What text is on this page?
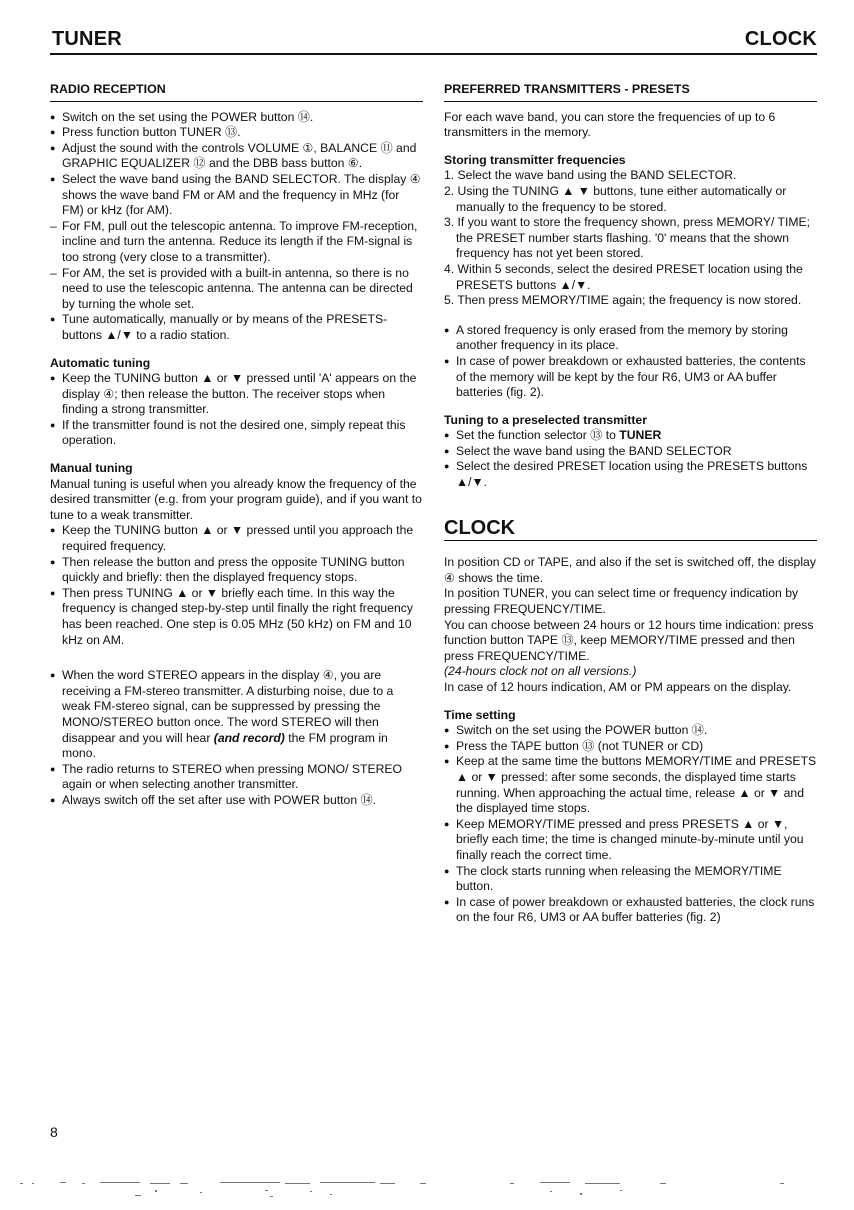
TUNER	CLOCK
RADIO RECEPTION

● Switch on the set using the POWER button ⑭.

● Press function button TUNER ⑬.

● Adjust the sound with the controls VOLUME ①, BALANCE ⑪ and GRAPHIC EQUALIZER ⑫ and the DBB bass button ⑥.

● Select the wave band using the BAND SELECTOR. The display ④ shows the wave band FM or AM and the frequency in MHz (for FM) or kHz (for AM).

– For FM, pull out the telescopic antenna. To improve FM-reception, incline and turn the antenna. Reduce its length if the FM-signal is too strong (very close to a transmitter).

– For AM, the set is provided with a built-in antenna, so there is no need to use the telescopic antenna. The antenna can be directed by turning the whole set.

● Tune automatically, manually or by means of the PRESETS-buttons ▲/▼ to a radio station.

Automatic tuning

● Keep the TUNING button ▲ or ▼ pressed until 'A' appears on the display ④; then release the button. The receiver stops when finding a strong transmitter.

● If the transmitter found is not the desired one, simply repeat this operation.

Manual tuning

Manual tuning is useful when you already know the frequency of the desired transmitter (e.g. from your program guide), and if you want to tune to a weak transmitter.

● Keep the TUNING button ▲ or ▼ pressed until you approach the required frequency.

● Then release the button and press the opposite TUNING button quickly and briefly: then the displayed frequency stops.

● Then press TUNING ▲ or ▼ briefly each time. In this way the frequency is changed step-by-step until finally the right frequency has been reached. One step is 0.05 MHz (50 kHz) on FM and 10 kHz on AM.

● When the word STEREO appears in the display ④, you are receiving a FM-stereo transmitter. A disturbing noise, due to a weak FM-stereo signal, can be suppressed by pressing the MONO/STEREO button once. The word STEREO will then disappear and you will hear (and record) the FM program in mono.

● The radio returns to STEREO when pressing MONO/ STEREO again or when selecting another transmitter.

● Always switch off the set after use with POWER button ⑭.

PREFERRED TRANSMITTERS - PRESETS

For each wave band, you can store the frequencies of up to 6 transmitters in the memory.

Storing transmitter frequencies

1. Select the wave band using the BAND SELECTOR.

2. Using the TUNING ▲ ▼ buttons, tune either automatically or manually to the frequency to be stored.

3. If you want to store the frequency shown, press MEMORY/ TIME; the PRESET number starts flashing. '0' means that the shown frequency has not yet been stored.

4. Within 5 seconds, select the desired PRESET location using the PRESETS buttons ▲/▼.

5. Then press MEMORY/TIME again; the frequency is now stored.

● A stored frequency is only erased from the memory by storing another frequency in its place.

● In case of power breakdown or exhausted batteries, the contents of the memory will be kept by the four R6, UM3 or AA buffer batteries (fig. 2).

Tuning to a preselected transmitter

● Set the function selector ⑬ to TUNER

● Select the wave band using the BAND SELECTOR

● Select the desired PRESET location using the PRESETS buttons ▲/▼.

CLOCK

In position CD or TAPE, and also if the set is switched off, the display ④ shows the time.

In position TUNER, you can select time or frequency indication by pressing FREQUENCY/TIME.

You can choose between 24 hours or 12 hours time indication: press function button TAPE ⑬, keep MEMORY/TIME pressed and then press FREQUENCY/TIME.

(24-hours clock not on all versions.)

In case of 12 hours indication, AM or PM appears on the display.

Time setting

● Switch on the set using the POWER button ⑭.

● Press the TAPE button ⑬ (not TUNER or CD)

● Keep at the same time the buttons MEMORY/TIME and PRESETS ▲ or ▼ pressed: after some seconds, the displayed time starts running. When approaching the actual time, release ▲ or ▼ and the displayed time stops.

● Keep MEMORY/TIME pressed and press PRESETS ▲ or ▼, briefly each time; the time is changed minute-by-minute until you finally reach the correct time.

● The clock starts running when releasing the MEMORY/TIME button.

● In case of power breakdown or exhausted batteries, the clock runs on the four R6, UM3 or AA buffer batteries (fig. 2)

8
